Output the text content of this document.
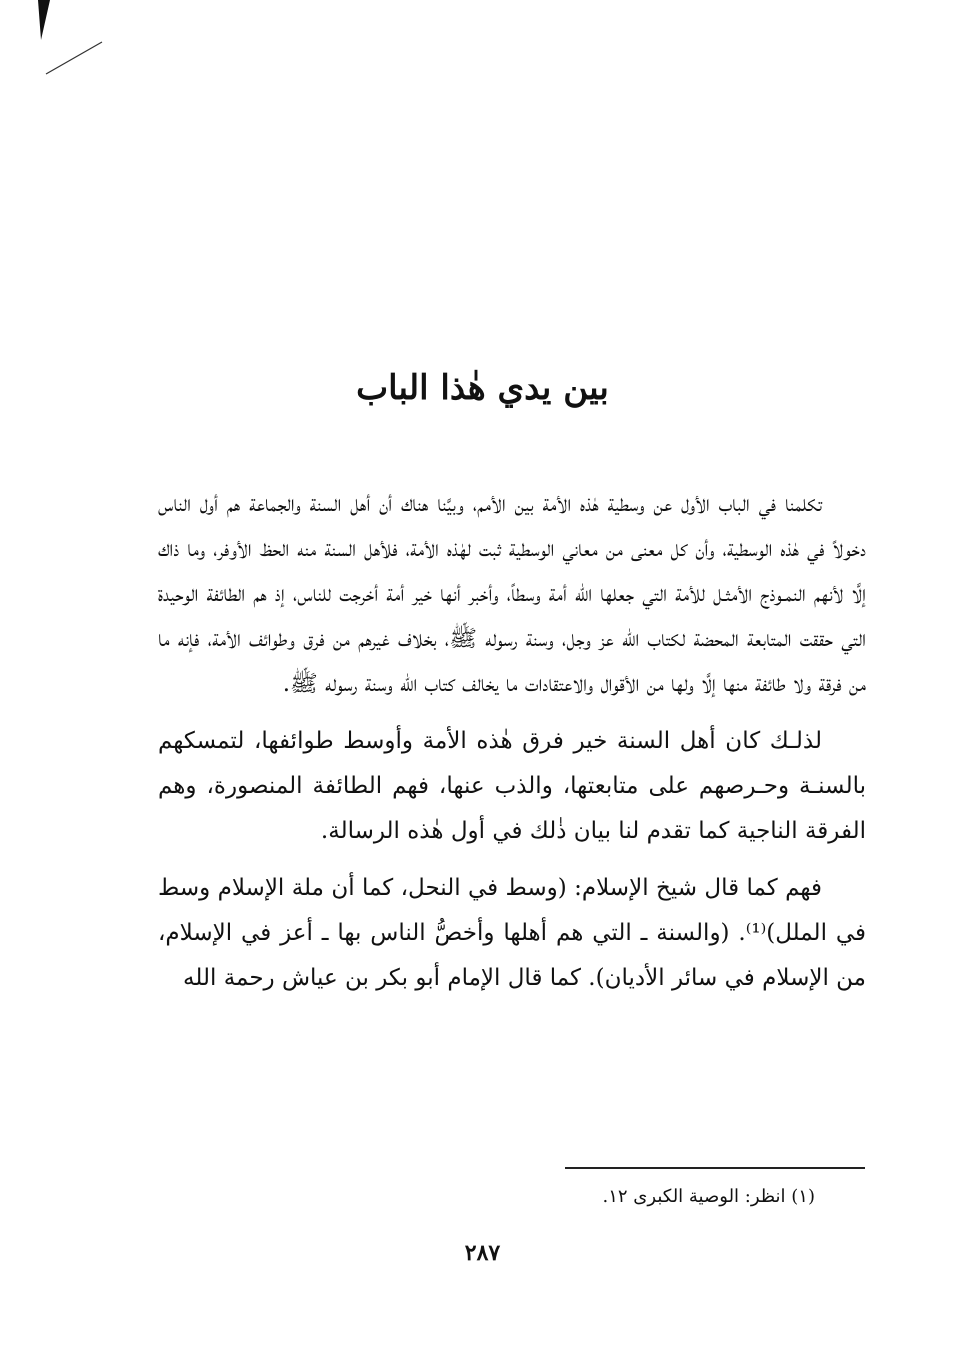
بين يدي هٰذا الباب

تكلمنا في الباب الأول عن وسطية هٰذه الأمة بين الأمم، وبيَّنا هناك أن أهل السنة والجماعة هم أول الناس دخولاً في هٰذه الوسطية، وأن كل معنى من معاني الوسطية ثبت لهٰذه الأمة، فلأهل السنة منه الحظ الأوفر، وما ذاك إلَّا لأنهم النمـوذج الأمثـل للأمة التي جعلها الله أمة وسطاً، وأخبر أنها خير أمة أخرجت للناس، إذ هم الطائفة الوحيدة التي حققت المتابعة المحضة لكتاب الله عز وجل، وسنة رسوله ﷺ، بخلاف غيرهم من فرق وطوائف الأمة، فإنه ما من فرقة ولا طائفة منها إلَّا ولها من الأقوال والاعتقادات ما يخالف كتاب الله وسنة رسوله ﷺ.

لذلـك كان أهل السنة خير فرق هٰذه الأمة وأوسط طوائفها، لتمسكهم بالسنـة وحـرصهم على متابعتها، والذب عنها، فهم الطائفة المنصورة، وهم الفرقة الناجية كما تقدم لنا بيان ذٰلك في أول هٰذه الرسالة.

فهم كما قال شيخ الإسلام: (وسط في النحل، كما أن ملة الإسلام وسط في الملل)⁽¹⁾. (والسنة ـ التي هم أهلها وأخصُّ الناس بها ـ أعز في الإسلام، من الإسلام في سائر الأديان). كما قال الإمام أبو بكر بن عياش رحمة الله

(١) انظر: الوصية الكبرى ١٢.

٢٨٧
